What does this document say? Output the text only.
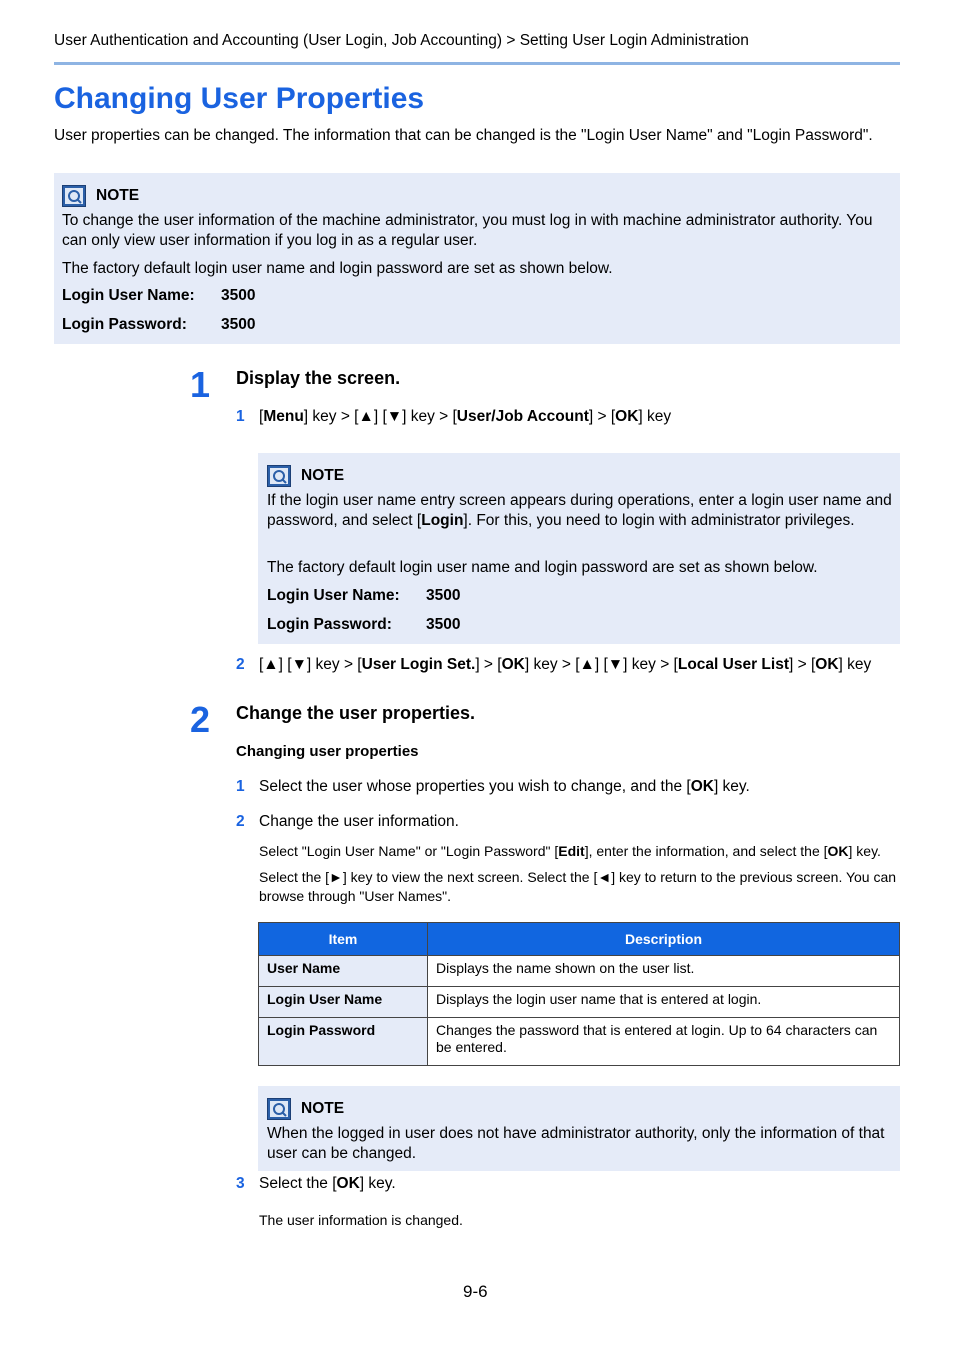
User Authentication and Accounting (User Login, Job Accounting) > Setting User Login Administration
Changing User Properties
User properties can be changed. The information that can be changed is the "Login User Name" and "Login Password".
NOTE

To change the user information of the machine administrator, you must log in with machine administrator authority. You can only view user information if you log in as a regular user.

The factory default login user name and login password are set as shown below.

Login User Name: 3500
Login Password: 3500
1 Display the screen.
1 [Menu] key > [▲] [▼] key > [User/Job Account] > [OK] key
NOTE

If the login user name entry screen appears during operations, enter a login user name and password, and select [Login]. For this, you need to login with administrator privileges.

The factory default login user name and login password are set as shown below.

Login User Name: 3500
Login Password: 3500
2 [▲] [▼] key > [User Login Set.] > [OK] key > [▲] [▼] key > [Local User List] > [OK] key
2 Change the user properties.
Changing user properties
1 Select the user whose properties you wish to change, and the [OK] key.
2 Change the user information.
Select "Login User Name" or "Login Password" [Edit], enter the information, and select the [OK] key.
Select the [►] key to view the next screen. Select the [◄] key to return to the previous screen. You can browse through "User Names".
Item	Description
User Name	Displays the name shown on the user list.
Login User Name	Displays the login user name that is entered at login.
Login Password	Changes the password that is entered at login. Up to 64 characters can be entered.
NOTE

When the logged in user does not have administrator authority, only the information of that user can be changed.

3 Select the [OK] key.
The user information is changed.
9-6
